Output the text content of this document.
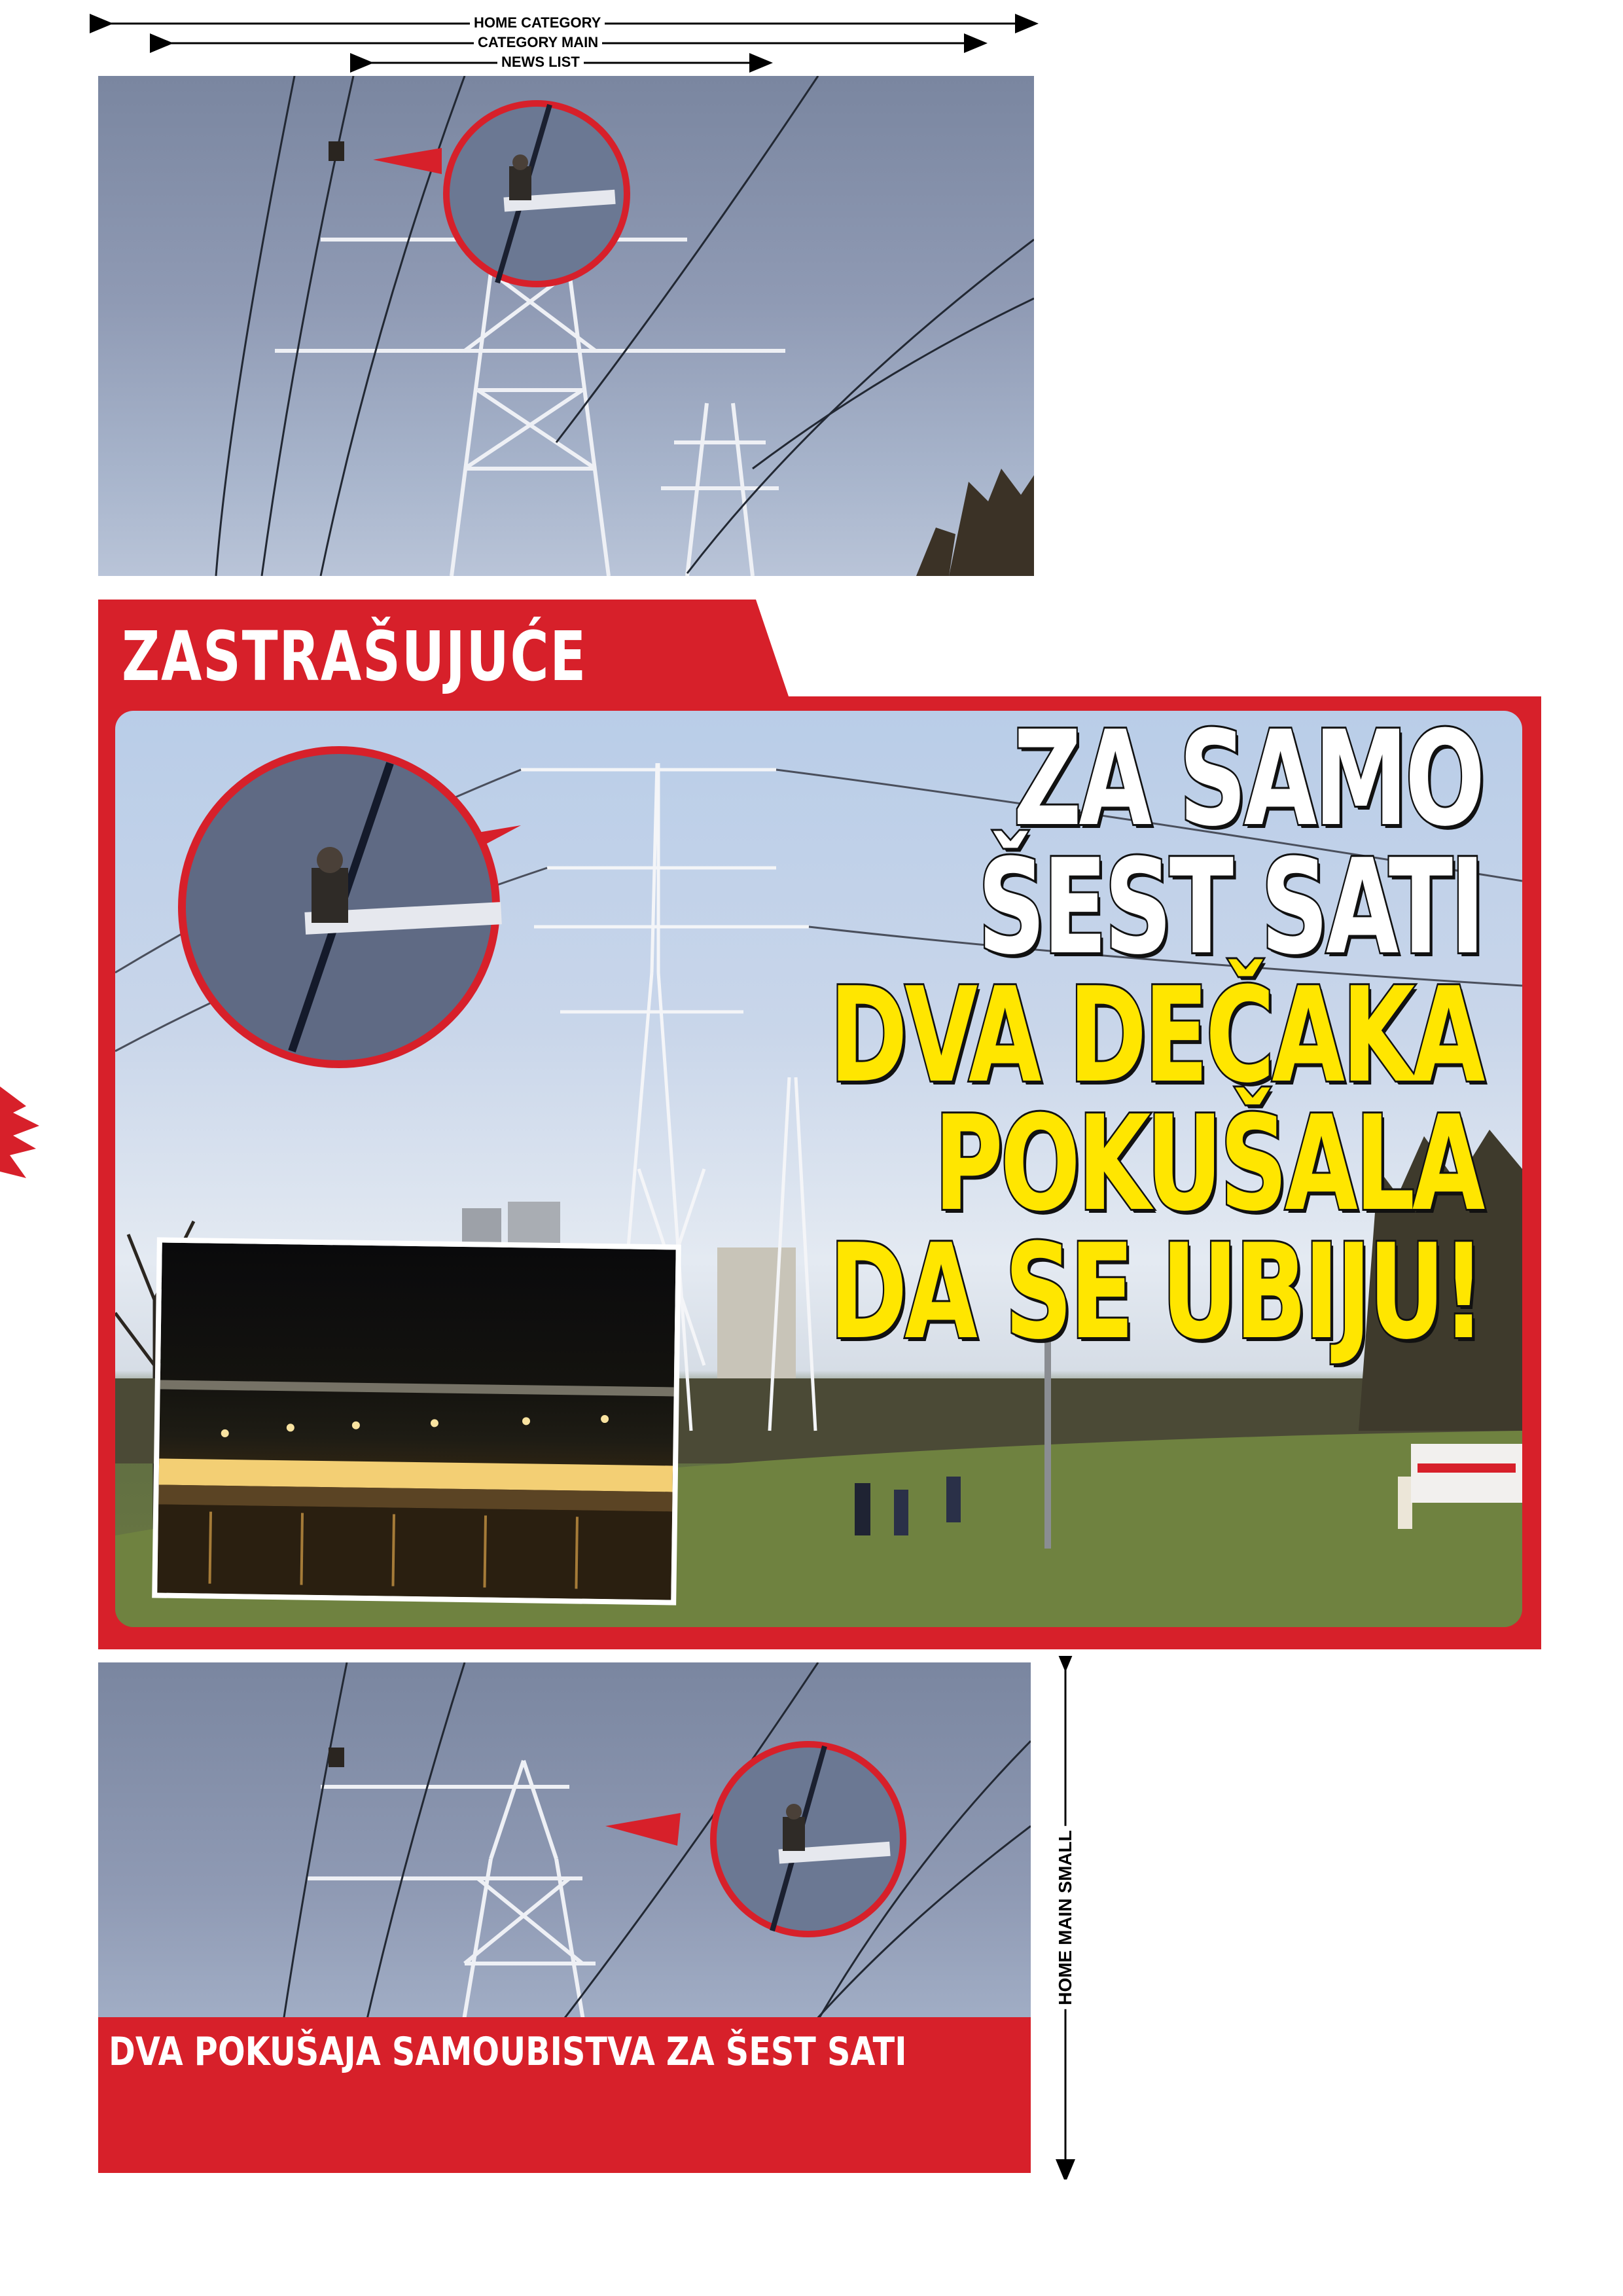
HOME CATEGORY
CATEGORY MAIN
NEWS LIST
ZASTRAŠUJUĆE
ZA SAMO
ŠEST SATI
DVA DEČAKA
POKUŠALA
DA SE UBIJU!
DVA POKUŠAJA SAMOUBISTVA ZA ŠEST SATI
HOME MAIN SMALL
